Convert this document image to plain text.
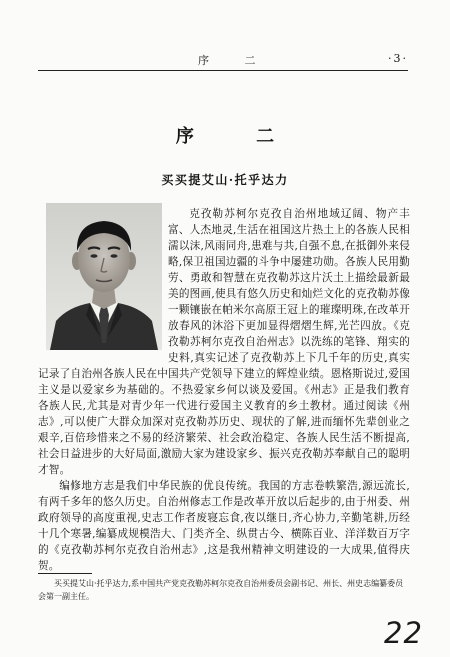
序 二	·3·
序 二
买买提艾山·托乎达力

克孜勒苏柯尔克孜自治州地域辽阔、物产丰富、人杰地灵,生活在祖国这片热土上的各族人民相濡以沫,风雨同舟,患难与共,自强不息,在抵御外来侵略,保卫祖国边疆的斗争中屡建功勋。各族人民用勤劳、勇敢和智慧在克孜勒苏这片沃土上描绘最新最美的图画,使具有悠久历史和灿烂文化的克孜勒苏像一颗镶嵌在帕米尔高原王冠上的璀璨明珠,在改革开放春风的沐浴下更加显得熠熠生辉,光芒四放。《克孜勒苏柯尔克孜自治州志》以洗练的笔锋、翔实的史料,真实记述了克孜勒苏上下几千年的历史,真实记录了自治州各族人民在中国共产党领导下建立的辉煌业绩。恩格斯说过,爱国主义是以爱家乡为基础的。不热爱家乡何以谈及爱国。《州志》正是我们教育各族人民,尤其是对青少年一代进行爱国主义教育的乡土教材。通过阅读《州志》,可以使广大群众加深对克孜勒苏历史、现状的了解,进而缅怀先辈创业之艰辛,百倍珍惜来之不易的经济繁荣、社会政治稳定、各族人民生活不断提高,社会日益进步的大好局面,激励大家为建设家乡、振兴克孜勒苏奉献自己的聪明才智。

编修地方志是我们中华民族的优良传统。我国的方志卷帙繁浩,源远流长,有两千多年的悠久历史。自治州修志工作是改革开放以后起步的,由于州委、州政府领导的高度重视,史志工作者废寝忘食,夜以继日,齐心协力,辛勤笔耕,历经十几个寒暑,编纂成规模浩大、门类齐全、纵贯古今、横陈百业、洋洋数百万字的《克孜勒苏柯尔克孜自治州志》,这是我州精神文明建设的一大成果,值得庆贺。

买买提艾山·托乎达力,系中国共产党克孜勒苏柯尔克孜自治州委员会副书记、州长、州史志编纂委员会第一副主任。
22
